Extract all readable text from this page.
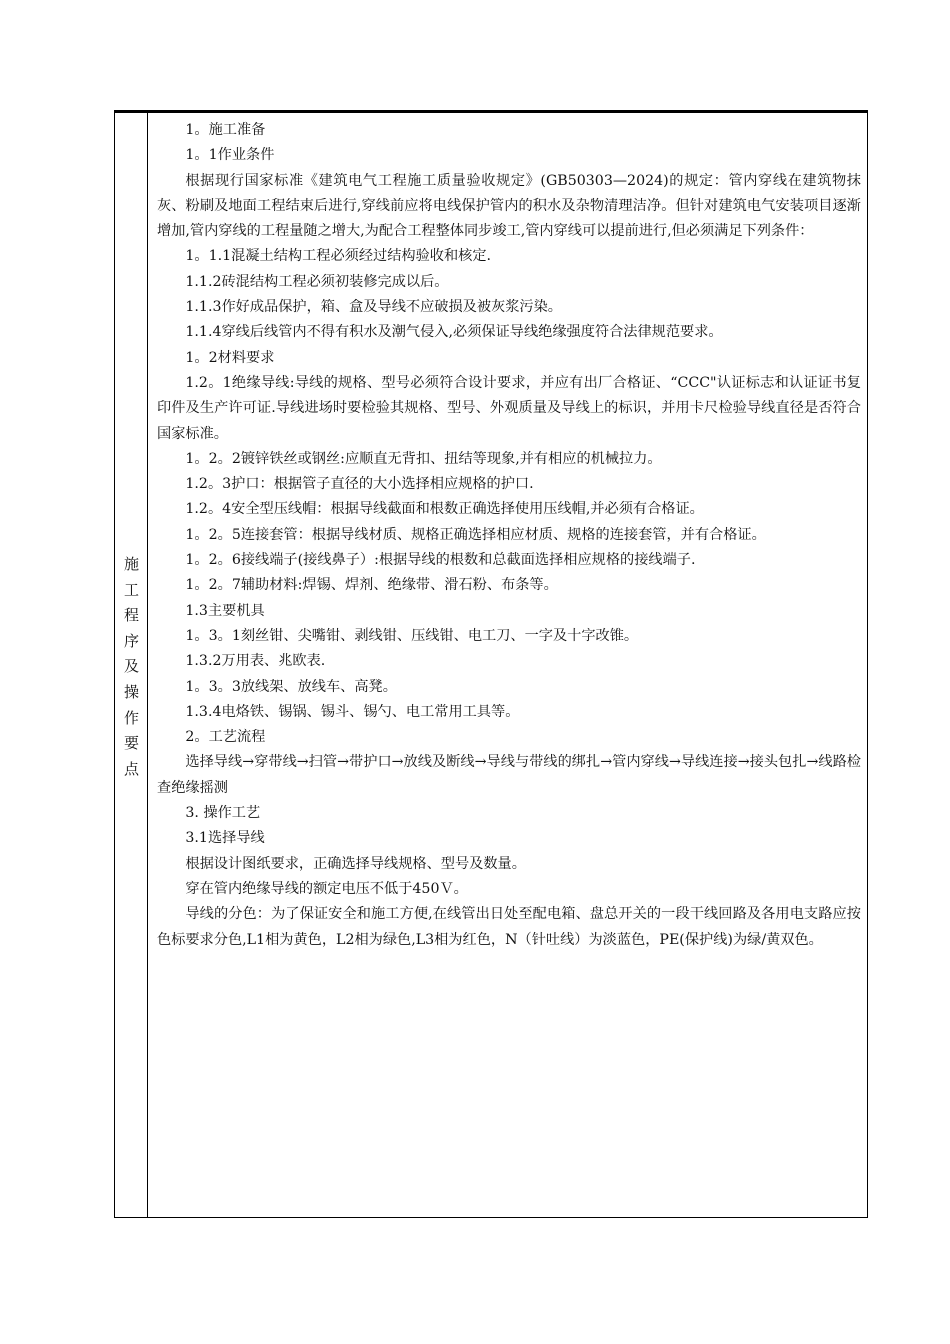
施
工
程
序
及
操
作
要
点

1。施工准备

1。1作业条件

根据现行国家标准《建筑电气工程施工质量验收规定》(GB50303—2024)的规定：管内穿线在建筑物抹灰、粉刷及地面工程结束后进行,穿线前应将电线保护管内的积水及杂物清理洁净。但针对建筑电气安装项目逐渐增加,管内穿线的工程量随之增大,为配合工程整体同步竣工,管内穿线可以提前进行,但必须满足下列条件：

1。1.1混凝土结构工程必须经过结构验收和核定.

1.1.2砖混结构工程必须初装修完成以后。

1.1.3作好成品保护，箱、盒及导线不应破损及被灰浆污染。

1.1.4穿线后线管内不得有积水及潮气侵入,必须保证导线绝缘强度符合法律规范要求。

1。2材料要求

1.2。1绝缘导线:导线的规格、型号必须符合设计要求，并应有出厂合格证、“CCC"认证标志和认证证书复印件及生产许可证.导线进场时要检验其规格、型号、外观质量及导线上的标识，并用卡尺检验导线直径是否符合国家标准。

1。2。2镀锌铁丝或钢丝:应顺直无背扣、扭结等现象,并有相应的机械拉力。

1.2。3护口：根据管子直径的大小选择相应规格的护口.

1.2。4安全型压线帽：根据导线截面和根数正确选择使用压线帽,并必须有合格证。

1。2。5连接套管：根据导线材质、规格正确选择相应材质、规格的连接套管，并有合格证。

1。2。6接线端子(接线鼻子）:根据导线的根数和总截面选择相应规格的接线端子.

1。2。7辅助材料:焊锡、焊剂、绝缘带、滑石粉、布条等。

1.3主要机具

1。3。1刻丝钳、尖嘴钳、剥线钳、压线钳、电工刀、一字及十字改锥。

1.3.2万用表、兆欧表.

1。3。3放线架、放线车、高凳。

1.3.4电烙铁、锡锅、锡斗、锡勺、电工常用工具等。

2。工艺流程

选择导线→穿带线→扫管→带护口→放线及断线→导线与带线的绑扎→管内穿线→导线连接→接头包扎→线路检查绝缘摇测

3. 操作工艺

3.1选择导线

根据设计图纸要求，正确选择导线规格、型号及数量。

穿在管内绝缘导线的额定电压不低于450Ｖ。

导线的分色：为了保证安全和施工方便,在线管出日处至配电箱、盘总开关的一段干线回路及各用电支路应按色标要求分色,L1相为黄色，L2相为绿色,L3相为红色，N（针吐线）为淡蓝色，PE(保护线)为绿/黄双色。
